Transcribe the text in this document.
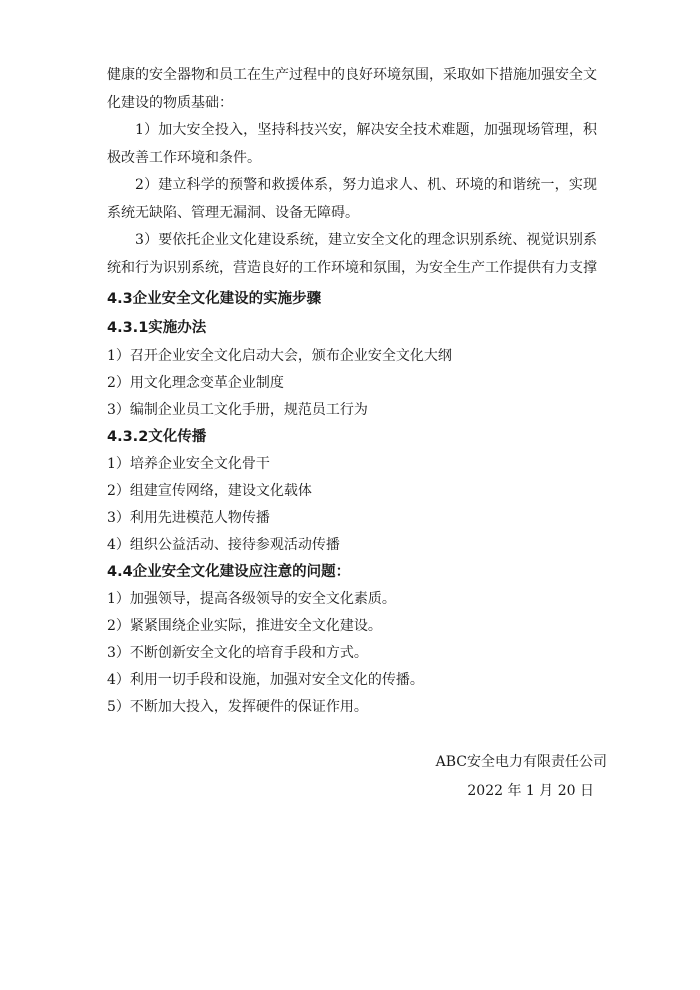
健康的安全器物和员工在生产过程中的良好环境氛围，采取如下措施加强安全文化建设的物质基础：

1）加大安全投入，坚持科技兴安，解决安全技术难题，加强现场管理，积极改善工作环境和条件。

2）建立科学的预警和救援体系，努力追求人、机、环境的和谐统一，实现系统无缺陷、管理无漏洞、设备无障碍。

3）要依托企业文化建设系统，建立安全文化的理念识别系统、视觉识别系统和行为识别系统，营造良好的工作环境和氛围，为安全生产工作提供有力支撑

4.3企业安全文化建设的实施步骤

4.3.1实施办法

1）召开企业安全文化启动大会，颁布企业安全文化大纲

2）用文化理念变革企业制度

3）编制企业员工文化手册，规范员工行为

4.3.2文化传播

1）培养企业安全文化骨干

2）组建宣传网络，建设文化载体

3）利用先进模范人物传播

4）组织公益活动、接待参观活动传播

4.4企业安全文化建设应注意的问题：

1）加强领导，提高各级领导的安全文化素质。

2）紧紧围绕企业实际，推进安全文化建设。

3）不断创新安全文化的培育手段和方式。

4）利用一切手段和设施，加强对安全文化的传播。

5）不断加大投入，发挥硬件的保证作用。

ABC安全电力有限责任公司

2022 年 1 月 20 日
